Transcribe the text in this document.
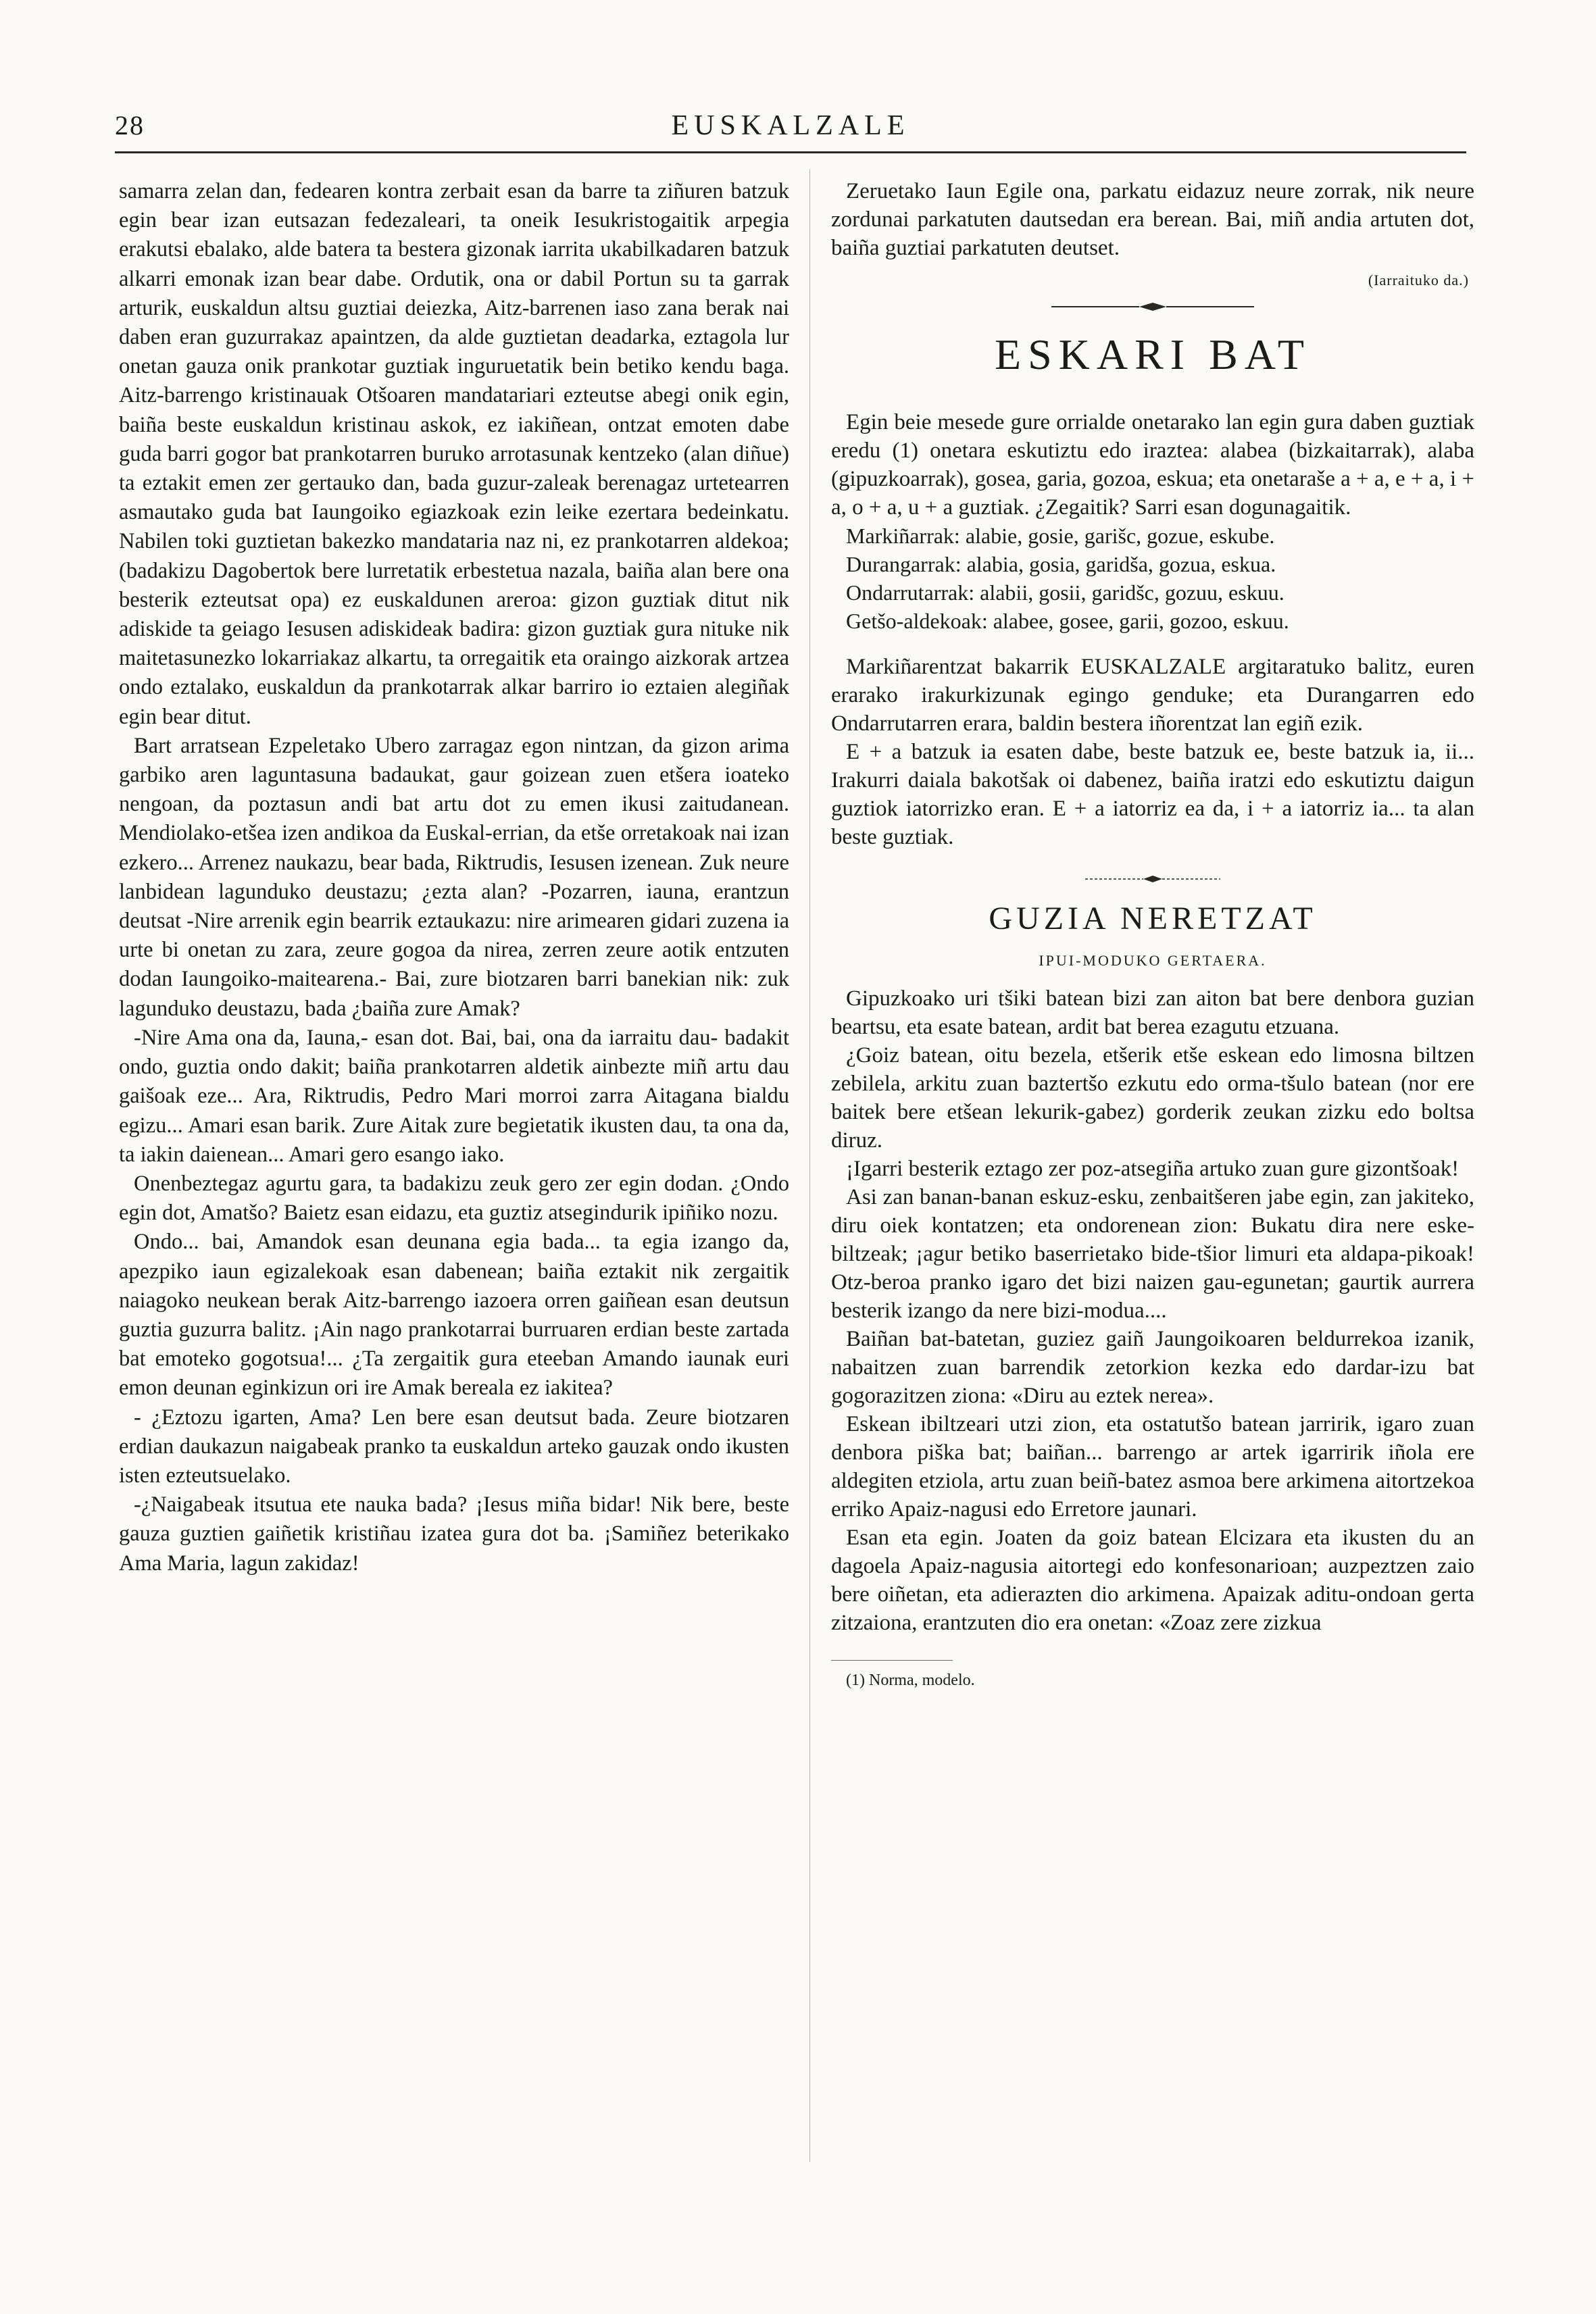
28	EUSKALZALE

samarra zelan dan, fedearen kontra zerbait esan da barre ta ziñuren batzuk egin bear izan eutsazan fedezaleari, ta oneik Iesukristogaitik arpegia erakutsi ebalako, alde batera ta bestera gizonak iarrita ukabilkadaren batzuk alkarri emonak izan bear dabe. Ordutik, ona or dabil Portun su ta garrak arturik, euskaldun altsu guztiai deiezka, Aitz-barrenen iaso zana berak nai daben eran guzurrakaz apaintzen, da alde guztietan deadarka, eztagola lur onetan gauza onik prankotar guztiak inguruetatik bein betiko kendu baga. Aitz-barrengo kristinauak Otšoaren mandatariari ezteutse abegi onik egin, baiña beste euskaldun kristinau askok, ez iakiñean, ontzat emoten dabe guda barri gogor bat prankotarren buruko arrotasunak kentzeko (alan diñue) ta eztakit emen zer gertauko dan, bada guzur-zaleak berenagaz urtetearren asmautako guda bat Iaungoiko egiazkoak ezin leike ezertara bedeinkatu. Nabilen toki guztietan bakezko mandataria naz ni, ez prankotarren aldekoa; (badakizu Dagobertok bere lurretatik erbestetua nazala, baiña alan bere ona besterik ezteutsat opa) ez euskaldunen areroa: gizon guztiak ditut nik adiskide ta geiago Iesusen adiskideak badira: gizon guztiak gura nituke nik maitetasunezko lokarriakaz alkartu, ta orregaitik eta oraingo aizkorak artzea ondo eztalako, euskaldun da prankotarrak alkar barriro io eztaien alegiñak egin bear ditut.

Bart arratsean Ezpeletako Ubero zarragaz egon nintzan, da gizon arima garbiko aren laguntasuna badaukat, gaur goizean zuen etšera ioateko nengoan, da poztasun andi bat artu dot zu emen ikusi zaitudanean. Mendiolako-etšea izen andikoa da Euskal-errian, da etše orretakoak nai izan ezkero... Arrenez naukazu, bear bada, Riktrudis, Iesusen izenean. Zuk neure lanbidean lagunduko deustazu; ¿ezta alan? -Pozarren, iauna, erantzun deutsat -Nire arrenik egin bearrik eztaukazu: nire arimearen gidari zuzena ia urte bi onetan zu zara, zeure gogoa da nirea, zerren zeure aotik entzuten dodan Iaungoiko-maitearena.- Bai, zure biotzaren barri banekian nik: zuk lagunduko deustazu, bada ¿baiña zure Amak?

-Nire Ama ona da, Iauna,- esan dot. Bai, bai, ona da iarraitu dau- badakit ondo, guztia ondo dakit; baiña prankotarren aldetik ainbezte miñ artu dau gaišoak eze... Ara, Riktrudis, Pedro Mari morroi zarra Aitagana bialdu egizu... Amari esan barik. Zure Aitak zure begietatik ikusten dau, ta ona da, ta iakin daienean... Amari gero esango iako.

Onenbeztegaz agurtu gara, ta badakizu zeuk gero zer egin dodan. ¿Ondo egin dot, Amatšo? Baietz esan eidazu, eta guztiz atsegindurik ipiñiko nozu.

Ondo... bai, Amandok esan deunana egia bada... ta egia izango da, apezpiko iaun egizalekoak esan dabenean; baiña eztakit nik zergaitik naiagoko neukean berak Aitz-barrengo iazoera orren gaiñean esan deutsun guztia guzurra balitz. ¡Ain nago prankotarrai burruaren erdian beste zartada bat emoteko gogotsua!... ¿Ta zergaitik gura eteeban Amando iaunak euri emon deunan eginkizun ori ire Amak bereala ez iakitea?

- ¿Eztozu igarten, Ama? Len bere esan deutsut bada. Zeure biotzaren erdian daukazun naigabeak pranko ta euskaldun arteko gauzak ondo ikusten isten ezteutsuelako.

-¿Naigabeak itsutua ete nauka bada? ¡Iesus miña bidar! Nik bere, beste gauza guztien gaiñetik kristiñau izatea gura dot ba. ¡Samiñez beterikako Ama Maria, lagun zakidaz!

Zeruetako Iaun Egile ona, parkatu eidazuz neure zorrak, nik neure zordunai parkatuten dautsedan era berean. Bai, miñ andia artuten dot, baiña guztiai parkatuten deutset.

(Iarraituko da.)
ESKARI BAT

Egin beie mesede gure orrialde onetarako lan egin gura daben guztiak eredu (1) onetara eskutiztu edo iraztea: alabea (bizkaitarrak), alaba (gipuzkoarrak), gosea, garia, gozoa, eskua; eta onetaraše a + a, e + a, i + a, o + a, u + a guztiak. ¿Zegaitik? Sarri esan dogunagaitik.

Markiñarrak: alabie, gosie, garišc, gozue, eskube.
Durangarrak: alabia, gosia, garidša, gozua, eskua.
Ondarrutarrak: alabii, gosii, garidšc, gozuu, eskuu.
Getšo-aldekoak: alabee, gosee, garii, gozoo, eskuu.

Markiñarentzat bakarrik EUSKALZALE argitaratuko balitz, euren erarako irakurkizunak egingo genduke; eta Durangarren edo Ondarrutarren erara, baldin bestera iñorentzat lan egiñ ezik.

E + a batzuk ia esaten dabe, beste batzuk ee, beste batzuk ia, ii... Irakurri daiala bakotšak oi dabenez, baiña iratzi edo eskutiztu daigun guztiok iatorrizko eran. E + a iatorriz ea da, i + a iatorriz ia... ta alan beste guztiak.

GUZIA NERETZAT
IPUI-MODUKO GERTAERA.

Gipuzkoako uri tšiki batean bizi zan aiton bat bere denbora guzian beartsu, eta esate batean, ardit bat berea ezagutu etzuana.

¿Goiz batean, oitu bezela, etšerik etše eskean edo limosna biltzen zebilela, arkitu zuan baztertšo ezkutu edo orma-tšulo batean (nor ere baitek bere etšean lekurik-gabez) gorderik zeukan zizku edo boltsa diruz.

¡Igarri besterik eztago zer poz-atsegiña artuko zuan gure gizontšoak!

Asi zan banan-banan eskuz-esku, zenbaitšeren jabe egin, zan jakiteko, diru oiek kontatzen; eta ondorenean zion: Bukatu dira nere eske-biltzeak; ¡agur betiko baserrietako bide-tšior limuri eta aldapa-pikoak! Otz-beroa pranko igaro det bizi naizen gau-egunetan; gaurtik aurrera besterik izango da nere bizi-modua....

Baiñan bat-batetan, guziez gaiñ Jaungoikoaren beldurrekoa izanik, nabaitzen zuan barrendik zetorkion kezka edo dardar-izu bat gogorazitzen ziona: «Diru au eztek nerea».

Eskean ibiltzeari utzi zion, eta ostatutšo batean jarririk, igaro zuan denbora piška bat; baiñan... barrengo ar artek igarririk iñola ere aldegiten etziola, artu zuan beiñ-batez asmoa bere arkimena aitortzekoa erriko Apaiz-nagusi edo Erretore jaunari.

Esan eta egin. Joaten da goiz batean Elcizara eta ikusten du an dagoela Apaiz-nagusia aitortegi edo konfesonarioan; auzpeztzen zaio bere oiñetan, eta adierazten dio arkimena. Apaizak aditu-ondoan gerta zitzaiona, erantzuten dio era onetan: «Zoaz zere zizkua

(1) Norma, modelo.
